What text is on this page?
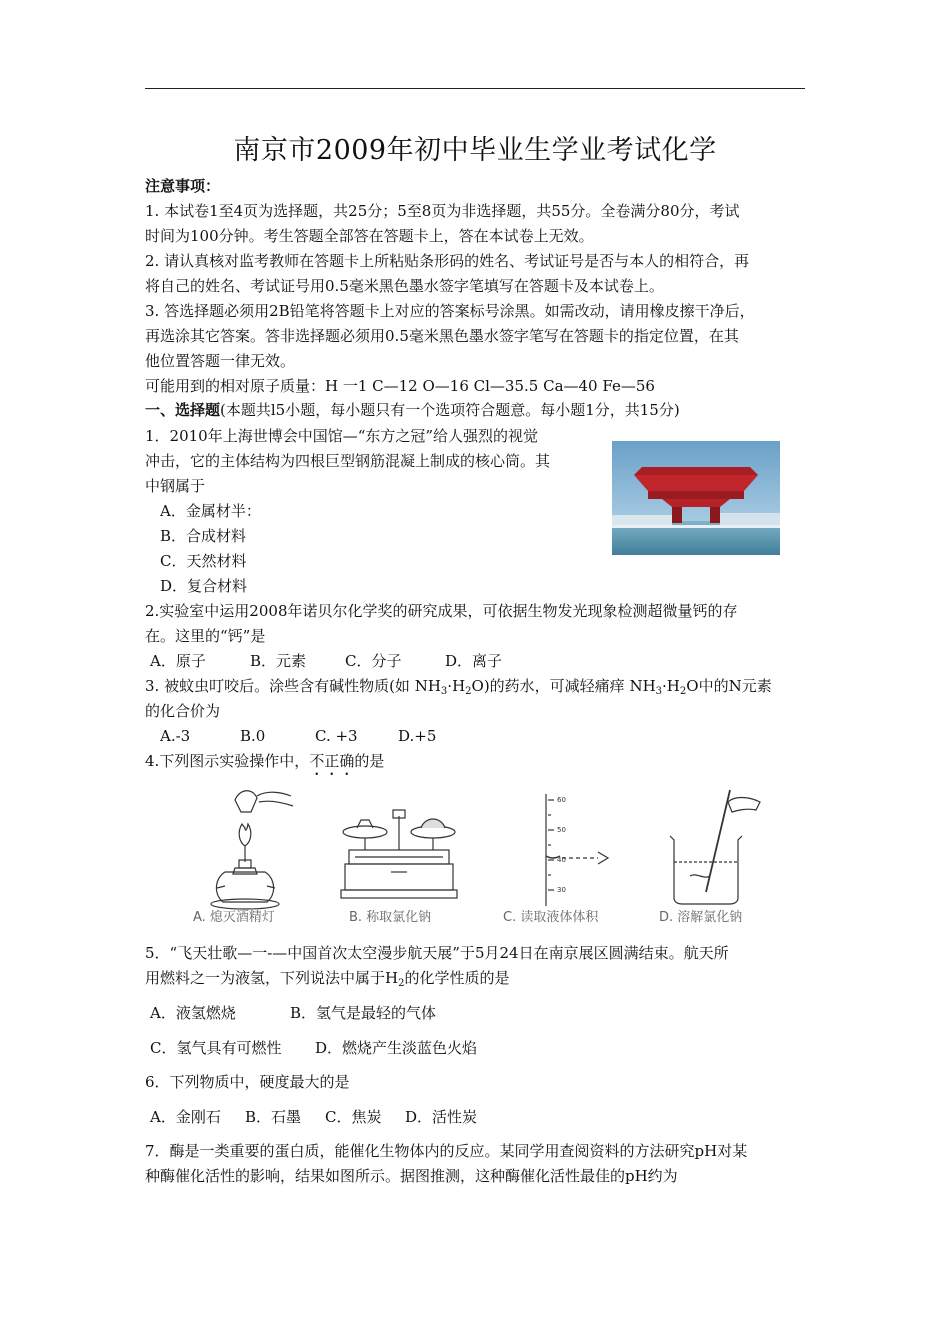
南京市2009年初中毕业生学业考试化学
注意事项：
1. 本试卷1至4页为选择题，共25分；5至8页为非选择题，共55分。全卷满分80分，考试
时间为100分钟。考生答题全部答在答题卡上，答在本试卷上无效。
2. 请认真核对监考教师在答题卡上所粘贴条形码的姓名、考试证号是否与本人的相符合，再
将自己的姓名、考试证号用0.5毫米黑色墨水签字笔填写在答题卡及本试卷上。
3. 答选择题必须用2B铅笔将答题卡上对应的答案标号涂黑。如需改动，请用橡皮擦干净后，
再选涂其它答案。答非选择题必须用0.5毫米黑色墨水签字笔写在答题卡的指定位置，在其
他位置答题一律无效。
可能用到的相对原子质量：H 一1 C—12 O—16 Cl—35.5 Ca—40 Fe—56
一、选择题(本题共l5小题，每小题只有一个选项符合题意。每小题1分，共15分)
1．2010年上海世博会中国馆—“东方之冠”给人强烈的视觉
冲击，它的主体结构为四根巨型钢筋混凝上制成的核心筒。其
中钢属于
A．金属材半：
B．合成材料
C．天然材料
D．复合材料
2.实验室中运用2008年诺贝尔化学奖的研究成果，可依据生物发光现象检测超微量钙的存
在。这里的“钙”是
A．原子	B．元素	C．分子	D．离子
3. 被蚊虫叮咬后。涂些含有碱性物质(如 $NH_3\cdot H_2O$)的药水，可减轻痛痒 $NH_3\cdot H_2O$中的N元素
的化合价为
A.-3	B.0	C. +3	D.+5
4.下列图示实验操作中，不正确的是
60
50
40
30
A. 熄灭酒精灯	B. 称取氯化钠	C. 读取液体体积	D. 溶解氯化钠
5．“飞天壮歌—一-—中国首次太空漫步航天展”于5月24日在南京展区圆满结束。航天所
用燃料之一为液氢，下列说法中属于$H_2$的化学性质的是
A．液氢燃烧	B．氢气是最轻的气体
C．氢气具有可燃性 D．燃烧产生淡蓝色火焰
6．下列物质中，硬度最大的是
A．金刚石 B．石墨 C．焦炭 D．活性炭
7．酶是一类重要的蛋白质，能催化生物体内的反应。某同学用查阅资料的方法研究pH对某
种酶催化活性的影响，结果如图所示。据图推测，这种酶催化活性最佳的pH约为
